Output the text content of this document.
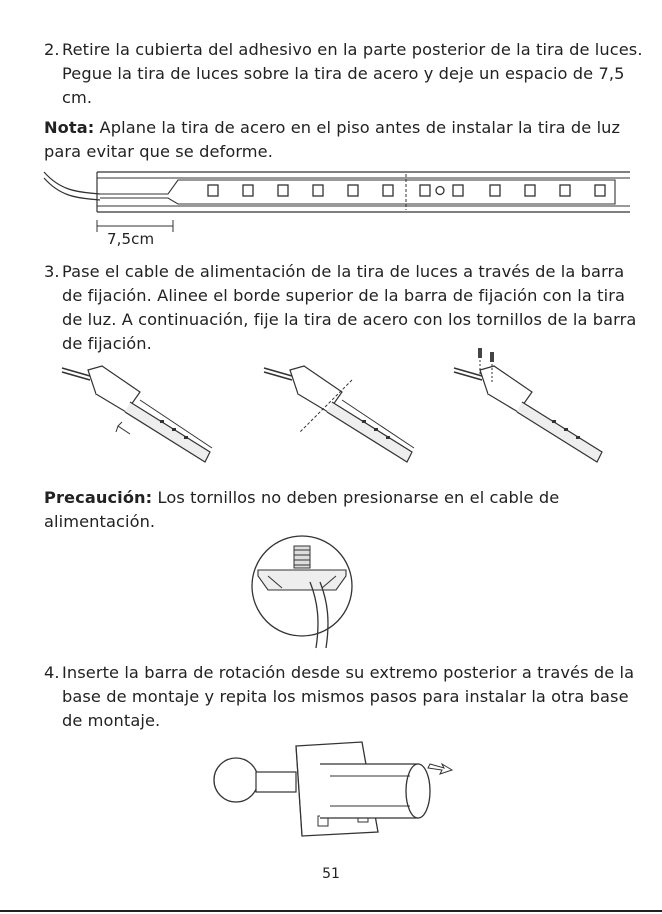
2. Retire la cubierta del adhesivo en la parte posterior de la tira de luces. Pegue la tira de luces sobre la tira de acero y deje un espacio de 7,5 cm.
Nota: Aplane la tira de acero en el piso antes de instalar la tira de luz para evitar que se deforme.
7,5cm
3. Pase el cable de alimentación de la tira de luces a través de la barra de fijación. Alinee el borde superior de la barra de fijación con la tira de luz. A continuación, fije la tira de acero con los tornillos de la barra de fijación.
Precaución: Los tornillos no deben presionarse en el cable de alimentación.
4. Inserte la barra de rotación desde su extremo posterior a través de la base de montaje y repita los mismos pasos para instalar la otra base de montaje.
51
